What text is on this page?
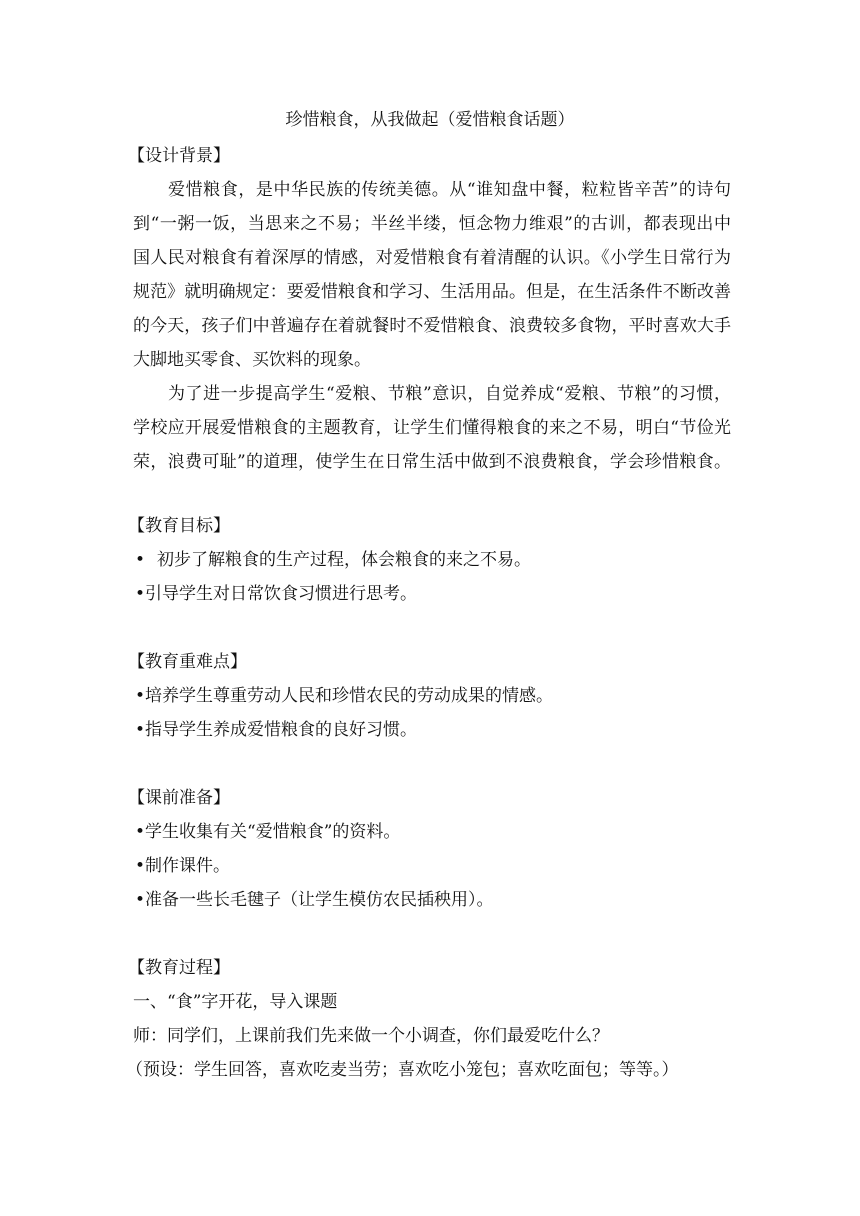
珍惜粮食，从我做起（爱惜粮食话题）
【设计背景】
爱惜粮食，是中华民族的传统美德。从“谁知盘中餐，粒粒皆辛苦”的诗句
到“一粥一饭，当思来之不易；半丝半缕，恒念物力维艰”的古训，都表现出中
国人民对粮食有着深厚的情感，对爱惜粮食有着清醒的认识。《小学生日常行为
规范》就明确规定：要爱惜粮食和学习、生活用品。但是，在生活条件不断改善
的今天，孩子们中普遍存在着就餐时不爱惜粮食、浪费较多食物，平时喜欢大手
大脚地买零食、买饮料的现象。
为了进一步提高学生“爱粮、节粮”意识，自觉养成“爱粮、节粮”的习惯，
学校应开展爱惜粮食的主题教育，让学生们懂得粮食的来之不易，明白“节俭光
荣，浪费可耻”的道理，使学生在日常生活中做到不浪费粮食，学会珍惜粮食。
【教育目标】
• 初步了解粮食的生产过程，体会粮食的来之不易。
•引导学生对日常饮食习惯进行思考。
【教育重难点】
•培养学生尊重劳动人民和珍惜农民的劳动成果的情感。
•指导学生养成爱惜粮食的良好习惯。
【课前准备】
•学生收集有关“爱惜粮食”的资料。
•制作课件。
•准备一些长毛毽子（让学生模仿农民插秧用）。
【教育过程】
一、“食”字开花，导入课题
师：同学们，上课前我们先来做一个小调查，你们最爱吃什么？
（预设：学生回答，喜欢吃麦当劳；喜欢吃小笼包；喜欢吃面包；等等。）
